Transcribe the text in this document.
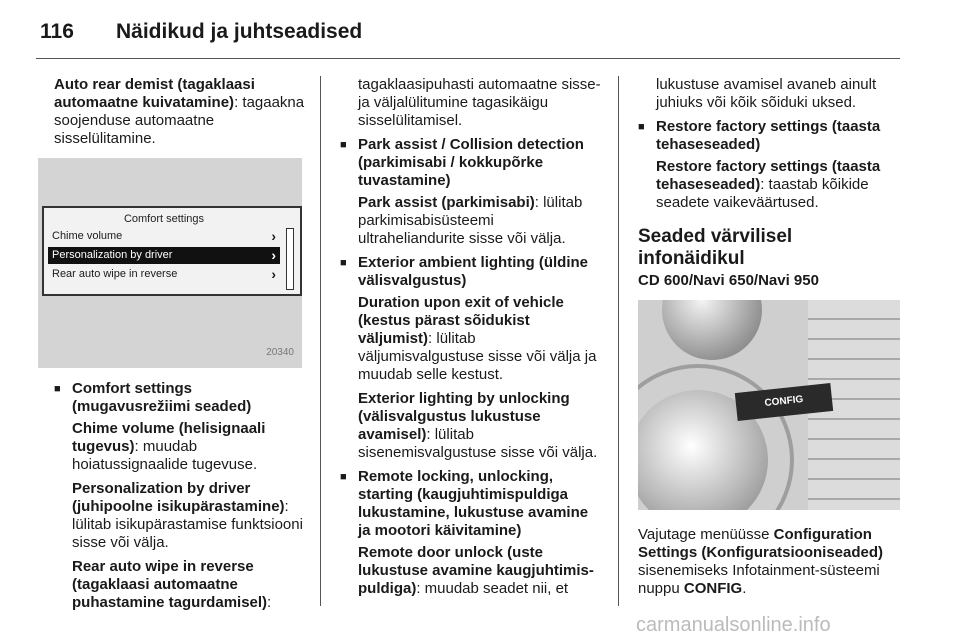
116 Näidikud ja juhtseadised

Auto rear demist (tagaklaasi automaatne kuivatamine): tagaakna soojenduse automaatne sisselülitamine.

Comfort settings
Chime volume	›
Personalization by driver	›
Rear auto wipe in reverse	›
20340
■ Comfort settings (mugavusrežiimi seaded)

Chime volume (helisignaali tugevus): muudab hoiatussignaalide tugevuse.

Personalization by driver (juhipoolne isikupärastamine): lülitab isikupärastamise funktsiooni sisse või välja.

Rear auto wipe in reverse (tagaklaasi automaatne puhastamine tagurdamisel):

tagaklaasipuhasti automaatne sisse- ja väljalülitumine tagasikäigu sisselülitamisel.

■ Park assist / Collision detection (parkimisabi / kokkupõrke tuvastamine)

Park assist (parkimisabi): lülitab parkimisabisüsteemi ultraheliandurite sisse või välja.

■ Exterior ambient lighting (üldine välisvalgustus)

Duration upon exit of vehicle (kestus pärast sõidukist väljumist): lülitab väljumisvalgustuse sisse või välja ja muudab selle kestust.

Exterior lighting by unlocking (välisvalgustus lukustuse avamisel): lülitab sisenemisvalgustuse sisse või välja.

■ Remote locking, unlocking, starting (kaugjuhtimispuldiga lukustamine, lukustuse avamine ja mootori käivitamine)

Remote door unlock (uste lukustuse avamine kaugjuhtimis-puldiga): muudab seadet nii, et

lukustuse avamisel avaneb ainult juhiuks või kõik sõiduki uksed.

■ Restore factory settings (taasta tehaseseaded)

Restore factory settings (taasta tehaseseaded): taastab kõikide seadete vaikeväärtused.

Seaded värvilisel infonäidikul
CD 600/Navi 650/Navi 950
CONFIG

Vajutage menüüsse Configuration Settings (Konfiguratsiooniseaded) sisenemiseks Infotainment-süsteemi nuppu CONFIG.

carmanualsonline.info
